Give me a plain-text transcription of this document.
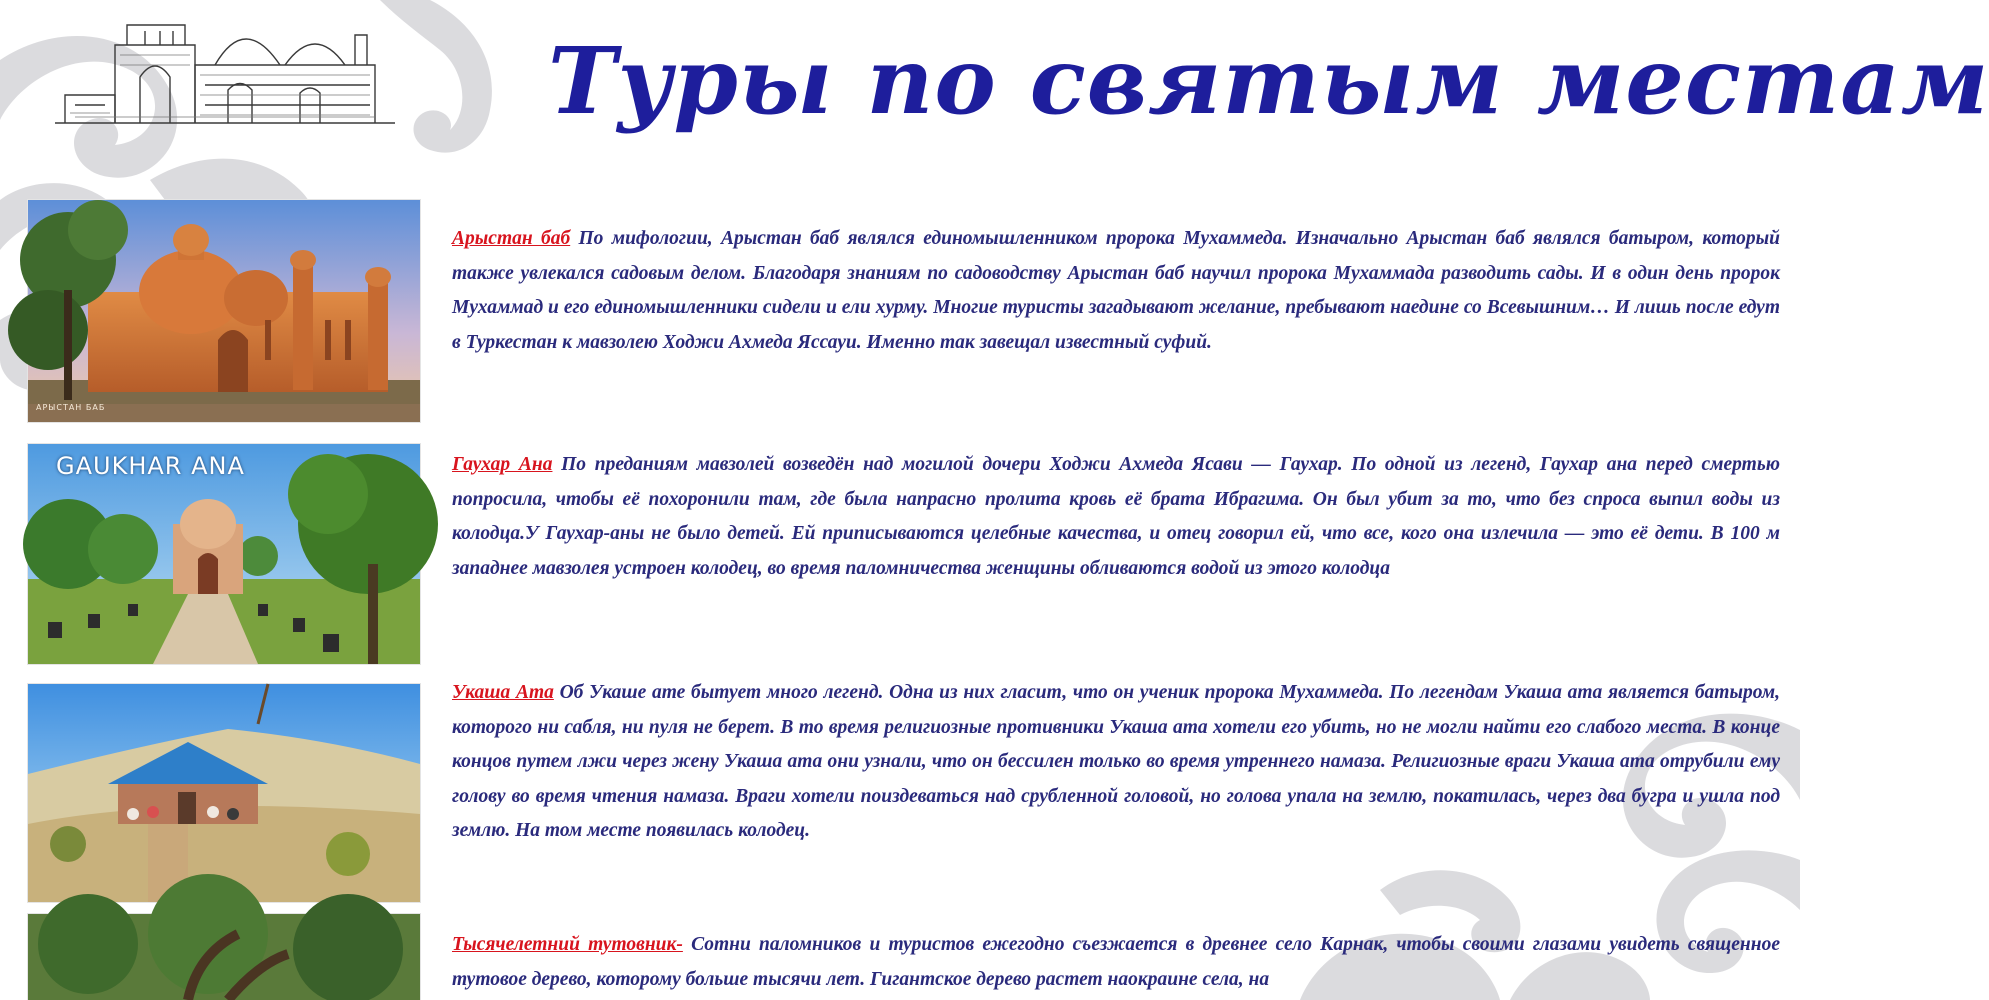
Туры по святым местам
АРЫСТАН БАБ
GAUKHAR ANA
Арыстан баб По мифологии, Арыстан баб являлся единомышленником пророка Мухаммеда. Изначально Арыстан баб являлся батыром, который также увлекался садовым делом. Благодаря знаниям по садоводству Арыстан баб научил пророка Мухаммада разводить сады. И в один день пророк Мухаммад и его единомышленники сидели и ели хурму. Многие туристы загадывают желание, пребывают наедине со Всевышним… И лишь после едут в Туркестан к мавзолею Ходжи Ахмеда Яссауи. Именно так завещал известный суфий.
Гаухар Ана По преданиям мавзолей возведён над могилой дочери Ходжи Ахмеда Ясави — Гаухар. По одной из легенд, Гаухар ана перед смертью попросила, чтобы её похоронили там, где была напрасно пролита кровь её брата Ибрагима. Он был убит за то, что без спроса выпил воды из колодца.У Гаухар-аны не было детей. Ей приписываются целебные качества, и отец говорил ей, что все, кого она излечила — это её дети. В 100 м западнее мавзолея устроен колодец, во время паломничества женщины обливаются водой из этого колодца
Укаша Ата Об Укаше ате бытует много легенд. Одна из них гласит, что он ученик пророка Мухаммеда. По легендам Укаша ата является батыром, которого ни сабля, ни пуля не берет. В то время религиозные противники Укаша ата хотели его убить, но не могли найти его слабого места. В конце концов путем лжи через жену Укаша ата они узнали, что он бессилен только во время утреннего намаза. Религиозные враги Укаша ата отрубили ему голову во время чтения намаза. Враги хотели поиздеваться над срубленной головой, но голова упала на землю, покатилась, через два бугра и ушла под землю. На том месте появилась колодец.
Тысячелетний тутовник- Сотни паломников и туристов ежегодно съезжается в древнее село Карнак, чтобы своими глазами увидеть священное тутовое дерево, которому больше тысячи лет. Гигантское дерево растет наокраине села, на
